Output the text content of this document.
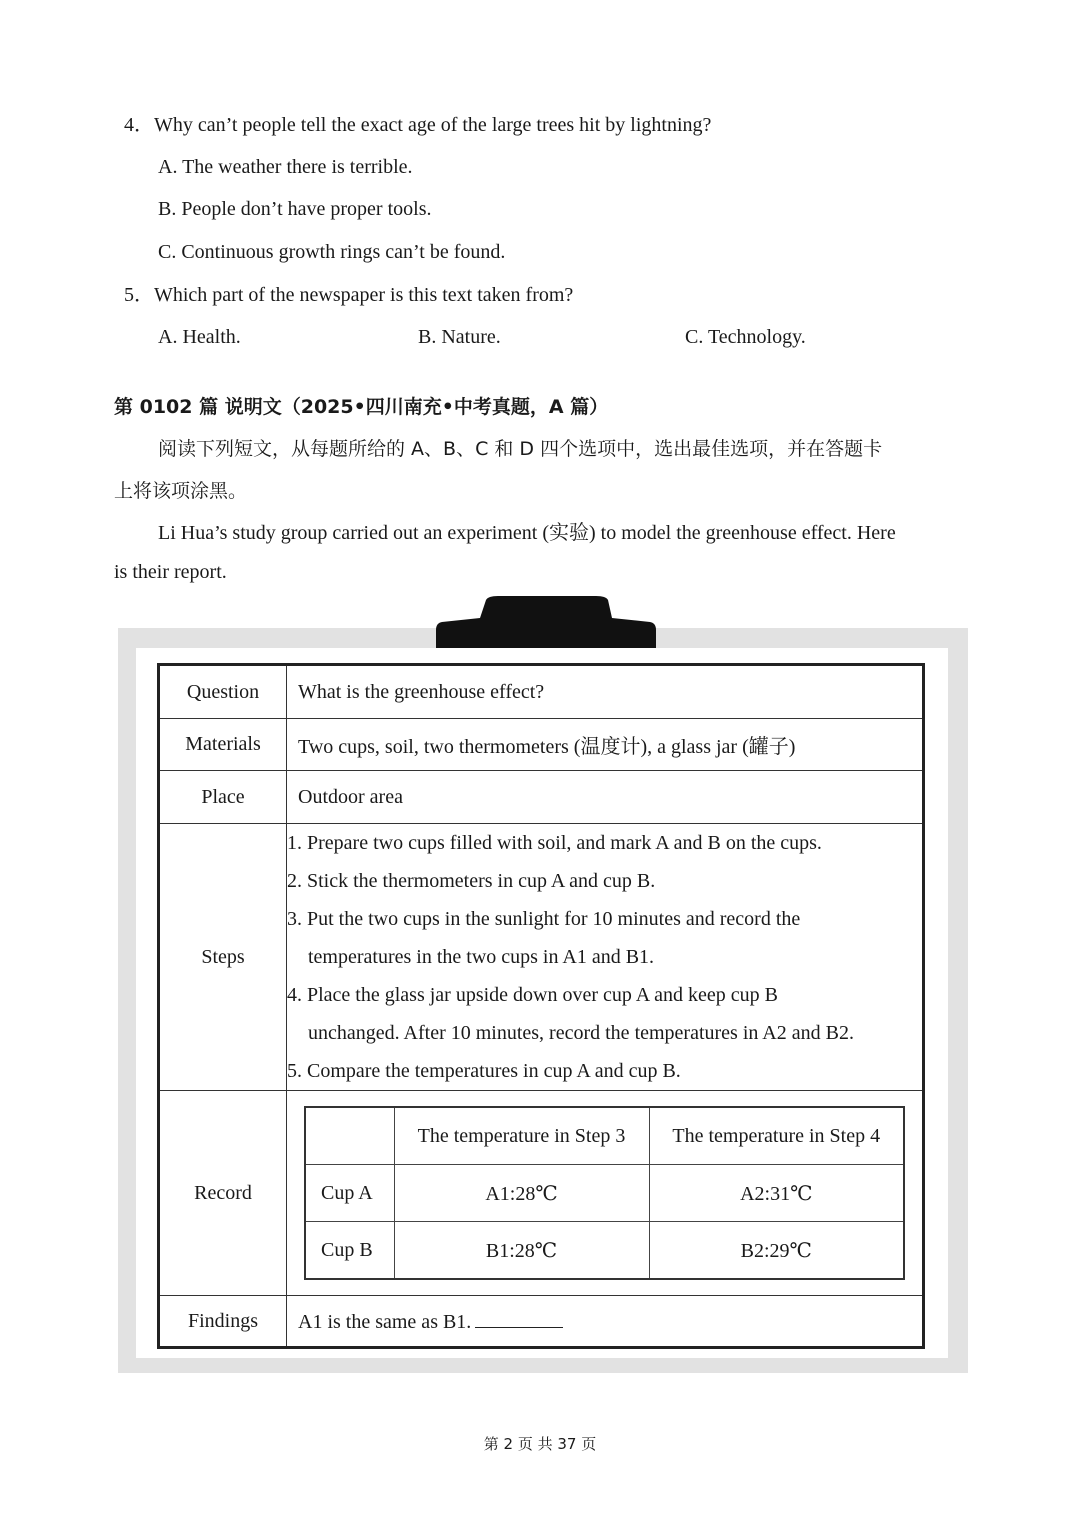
4．Why can’t people tell the exact age of the large trees hit by lightning?
A. The weather there is terrible.
B. People don’t have proper tools.
C. Continuous growth rings can’t be found.
5．Which part of the newspaper is this text taken from?
A. Health.	B. Nature.	C. Technology.
第 0102 篇 说明文（2025•四川南充•中考真题，A 篇）
阅读下列短文，从每题所给的 A、B、C 和 D 四个选项中，选出最佳选项，并在答题卡
上将该项涂黑。
Li Hua’s study group carried out an experiment (实验) to model the greenhouse effect. Here
is their report.
Question	What is the greenhouse effect?
Materials	Two cups, soil, two thermometers (温度计), a glass jar (罐子)
Place	Outdoor area
Steps	
1. Prepare two cups filled with soil, and mark A and B on the cups.
2. Stick the thermometers in cup A and cup B.
3. Put the two cups in the sunlight for 10 minutes and record the
temperatures in the two cups in A1 and B1.
4. Place the glass jar upside down over cup A and keep cup B
unchanged. After 10 minutes, record the temperatures in A2 and B2.
5. Compare the temperatures in cup A and cup B.

Record	
	The temperature in Step 3	The temperature in Step 4
Cup A	A1:28℃	A2:31℃
Cup B	B1:28℃	B2:29℃

Findings	A1 is the same as B1.
第 2 页 共 37 页
